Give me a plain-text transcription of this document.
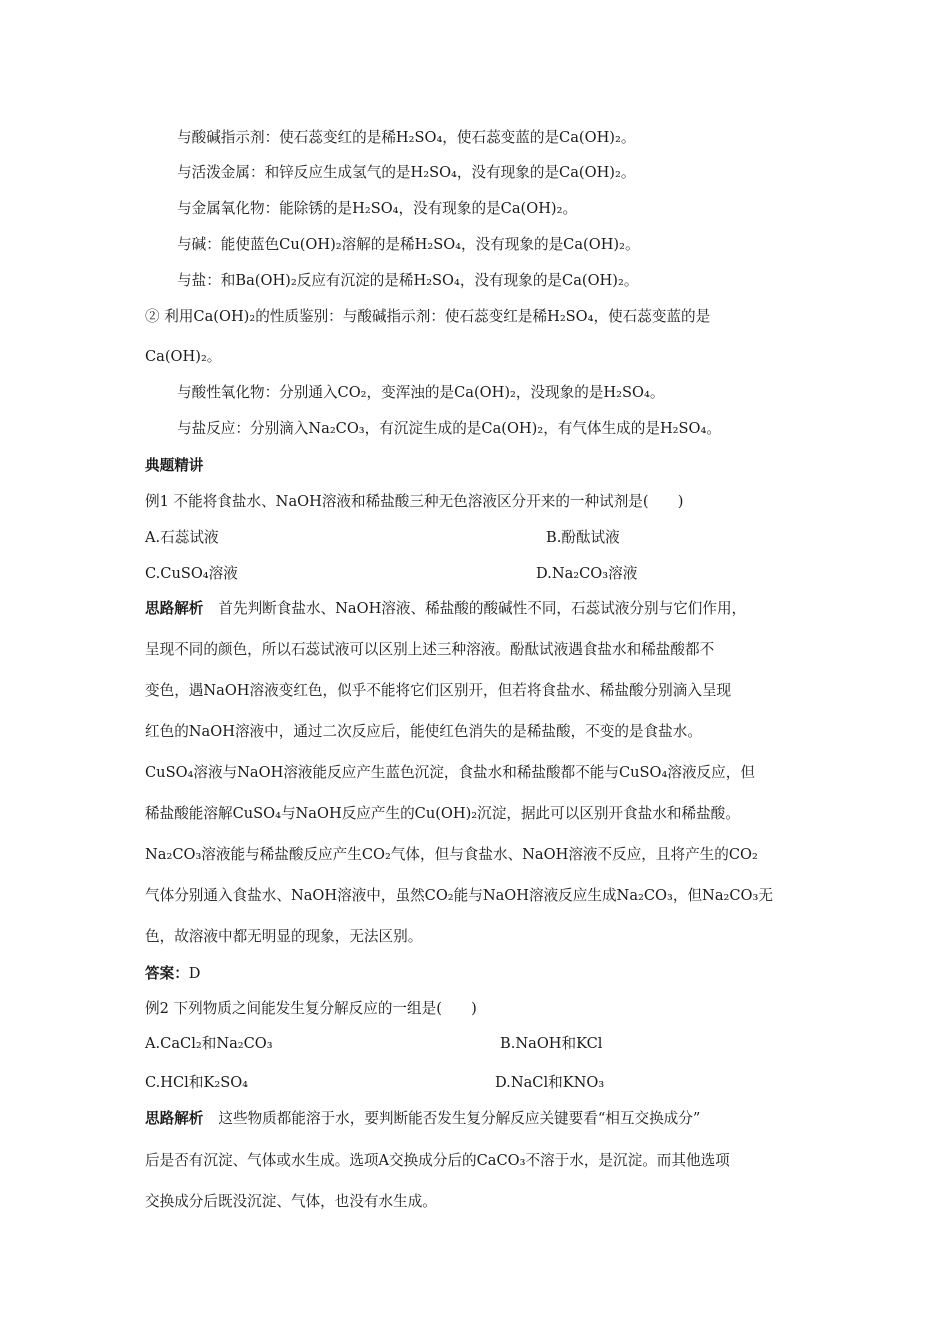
与酸碱指示剂：使石蕊变红的是稀H₂SO₄，使石蕊变蓝的是Ca(OH)₂。
与活泼金属：和锌反应生成氢气的是H₂SO₄，没有现象的是Ca(OH)₂。
与金属氧化物：能除锈的是H₂SO₄，没有现象的是Ca(OH)₂。
与碱：能使蓝色Cu(OH)₂溶解的是稀H₂SO₄，没有现象的是Ca(OH)₂。
与盐：和Ba(OH)₂反应有沉淀的是稀H₂SO₄，没有现象的是Ca(OH)₂。
② 利用Ca(OH)₂的性质鉴别：与酸碱指示剂：使石蕊变红是稀H₂SO₄，使石蕊变蓝的是
Ca(OH)₂。
与酸性氧化物：分别通入CO₂，变浑浊的是Ca(OH)₂，没现象的是H₂SO₄。
与盐反应：分别滴入Na₂CO₃，有沉淀生成的是Ca(OH)₂，有气体生成的是H₂SO₄。
典题精讲
例1 不能将食盐水、NaOH溶液和稀盐酸三种无色溶液区分开来的一种试剂是(　　)
A.石蕊试液	B.酚酞试液
C.CuSO₄溶液	D.Na₂CO₃溶液
思路解析 首先判断食盐水、NaOH溶液、稀盐酸的酸碱性不同，石蕊试液分别与它们作用，
呈现不同的颜色，所以石蕊试液可以区别上述三种溶液。酚酞试液遇食盐水和稀盐酸都不
变色，遇NaOH溶液变红色，似乎不能将它们区别开，但若将食盐水、稀盐酸分别滴入呈现
红色的NaOH溶液中，通过二次反应后，能使红色消失的是稀盐酸，不变的是食盐水。
CuSO₄溶液与NaOH溶液能反应产生蓝色沉淀，食盐水和稀盐酸都不能与CuSO₄溶液反应，但
稀盐酸能溶解CuSO₄与NaOH反应产生的Cu(OH)₂沉淀，据此可以区别开食盐水和稀盐酸。
Na₂CO₃溶液能与稀盐酸反应产生CO₂气体，但与食盐水、NaOH溶液不反应，且将产生的CO₂
气体分别通入食盐水、NaOH溶液中，虽然CO₂能与NaOH溶液反应生成Na₂CO₃，但Na₂CO₃无
色，故溶液中都无明显的现象，无法区别。
答案：D
例2 下列物质之间能发生复分解反应的一组是(　　)
A.CaCl₂和Na₂CO₃	B.NaOH和KCl
C.HCl和K₂SO₄	D.NaCl和KNO₃
思路解析 这些物质都能溶于水，要判断能否发生复分解反应关键要看“相互交换成分”
后是否有沉淀、气体或水生成。选项A交换成分后的CaCO₃不溶于水，是沉淀。而其他选项
交换成分后既没沉淀、气体，也没有水生成。
